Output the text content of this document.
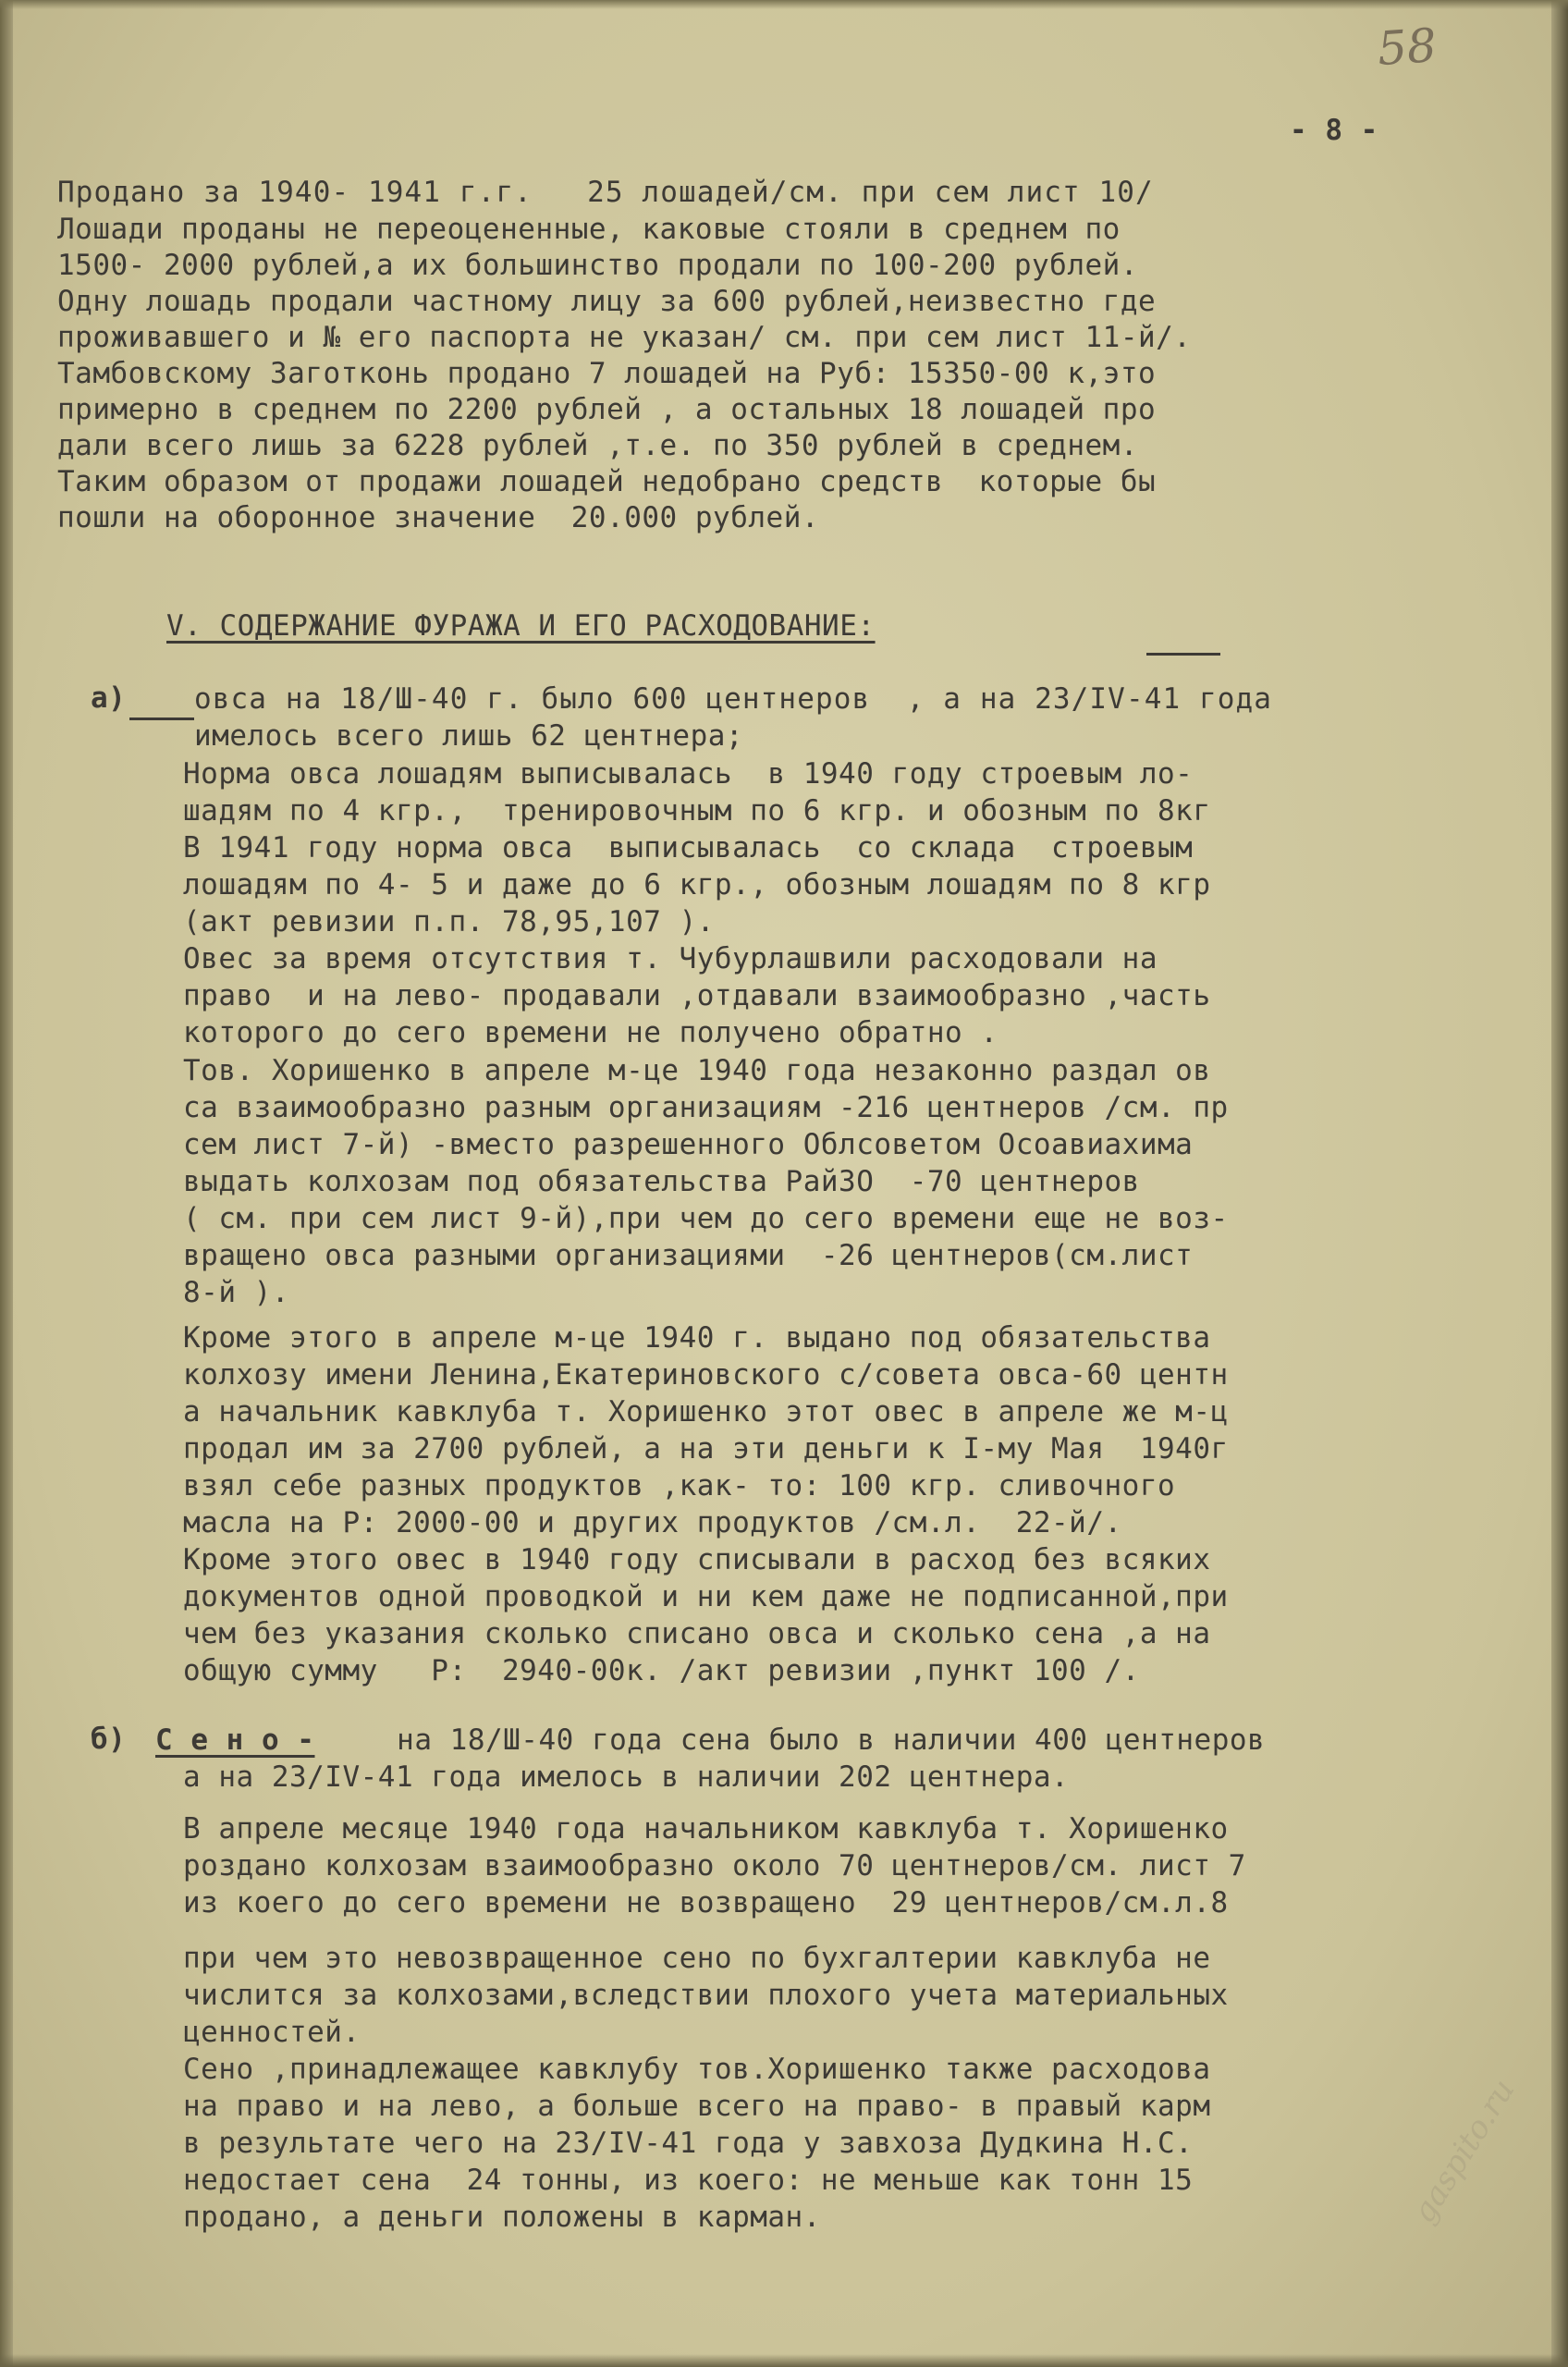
58
- 8 -
Продано за 1940- 1941 г.г.   25 лошадей/см. при сем лист 10/
Лошади проданы не переоцененные, каковые стояли в среднем по
1500- 2000 рублей,а их большинство продали по 100-200 рублей.
Одну лошадь продали частному лицу за 600 рублей,неизвестно где
проживавшего и № его паспорта не указан/ см. при сем лист 11-й/.
Тамбовскому Заготконь продано 7 лошадей на Руб: 15350-00 к,это
примерно в среднем по 2200 рублей , а остальных 18 лошадей про
дали всего лишь за 6228 рублей ,т.е. по 350 рублей в среднем.
Таким образом от продажи лошадей недобрано средств  которые бы
пошли на оборонное значение  20.000 рублей.
V. СОДЕРЖАНИЕ ФУРАЖА И ЕГО РАСХОДОВАНИЕ:
а) овса на 18/Ш-40 г. было 600 центнеров  , а на 23/IV-41 года
имелось всего лишь 62 центнера;
Норма овса лошадям выписывалась  в 1940 году строевым ло-
шадям по 4 кгр.,  тренировочным по 6 кгр. и обозным по 8кг
В 1941 году норма овса  выписывалась  со склада  строевым
лошадям по 4- 5 и даже до 6 кгр., обозным лошадям по 8 кгр
(акт ревизии п.п. 78,95,107 ).
Овес за время отсутствия т. Чубурлашвили расходовали на
право  и на лево- продавали ,отдавали взаимообразно ,часть
которого до сего времени не получено обратно .
Тов. Хоришенко в апреле м-це 1940 года незаконно раздал ов
са взаимообразно разным организациям -216 центнеров /см. пр
сем лист 7-й) -вместо разрешенного Облсоветом Осоавиахима
выдать колхозам под обязательства РайЗО  -70 центнеров
( см. при сем лист 9-й),при чем до сего времени еще не воз-
вращено овса разными организациями  -26 центнеров(см.лист
8-й ).
Кроме этого в апреле м-це 1940 г. выдано под обязательства
колхозу имени Ленина,Екатериновского с/совета овса-60 центн
а начальник кавклуба т. Хоришенко этот овес в апреле же м-ц
продал им за 2700 рублей, а на эти деньги к I-му Мая  1940г
взял себе разных продуктов ,как- то: 100 кгр. сливочного
масла на Р: 2000-00 и других продуктов /см.л.  22-й/.
Кроме этого овес в 1940 году списывали в расход без всяких
документов одной проводкой и ни кем даже не подписанной,при
чем без указания сколько списано овса и сколько сена ,а на
общую сумму   Р:  2940-00к. /акт ревизии ,пункт 100 /.
б) С е н о - на 18/Ш-40 года сена было в наличии 400 центнеров
а на 23/IV-41 года имелось в наличии 202 центнера.
В апреле месяце 1940 года начальником кавклуба т. Хоришенко
роздано колхозам взаимообразно около 70 центнеров/см. лист 7
из коего до сего времени не возвращено  29 центнеров/см.л.8
при чем это невозвращенное сено по бухгалтерии кавклуба не
числится за колхозами,вследствии плохого учета материальных
ценностей.
Сено ,принадлежащее кавклубу тов.Хоришенко также расходова
на право и на лево, а больше всего на право- в правый карм
в результате чего на 23/IV-41 года у завхоза Дудкина Н.С.
недостает сена  24 тонны, из коего: не меньше как тонн 15
продано, а деньги положены в карман.	gaspito.ru
